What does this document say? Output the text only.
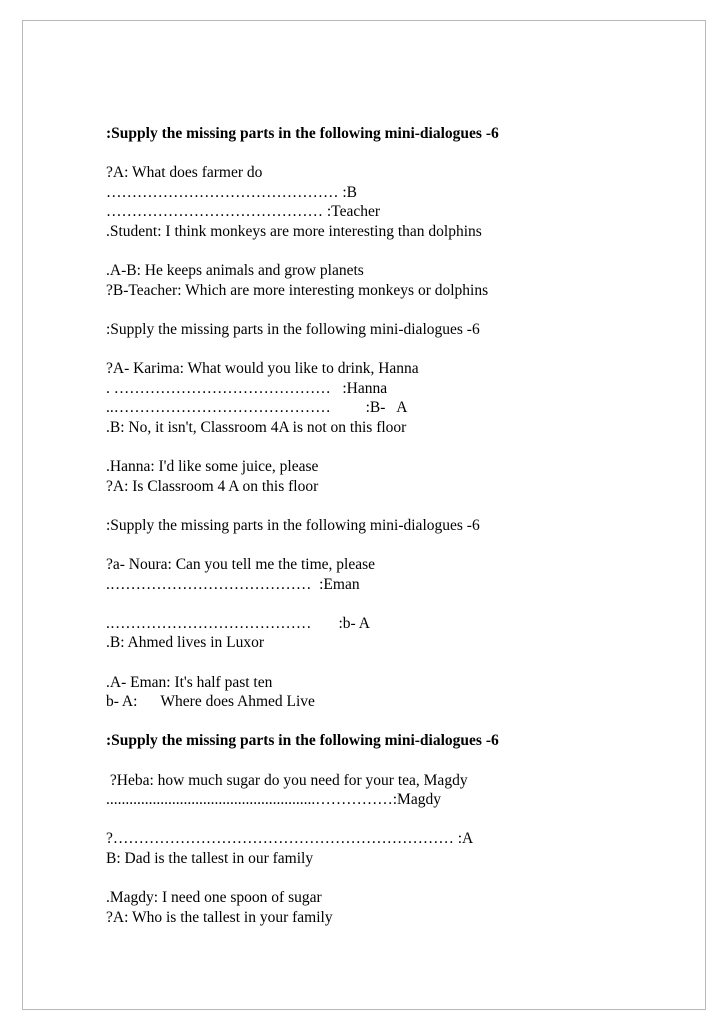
:Supply the missing parts in the following mini-dialogues -6
?A: What does farmer do
……………………………………… :B
…………………………………… :Teacher
.Student: I think monkeys are more interesting than dolphins
.A-B: He keeps animals and grow planets
?B-Teacher: Which are more interesting monkeys or dolphins
:Supply the missing parts in the following mini-dialogues -6
?A- Karima: What would you like to drink, Hanna
. ……………………………………   :Hanna
..……………………………………         :B-   A
.B: No, it isn't, Classroom 4A is not on this floor
.Hanna: I'd like some juice, please
?A: Is Classroom 4 A on this floor
:Supply the missing parts in the following mini-dialogues -6
?a- Noura: Can you tell me the time, please
.…………………………………  :Eman
.…………………………………       :b- A
.B: Ahmed lives in Luxor
.A- Eman: It's half past ten
b- A:      Where does Ahmed Live
:Supply the missing parts in the following mini-dialogues -6
?Heba: how much sugar do you need for your tea, Magdy
......................................................……………:Magdy
?………………………………………………………… :A
B: Dad is the tallest in our family
.Magdy: I need one spoon of sugar
?A: Who is the tallest in your family
